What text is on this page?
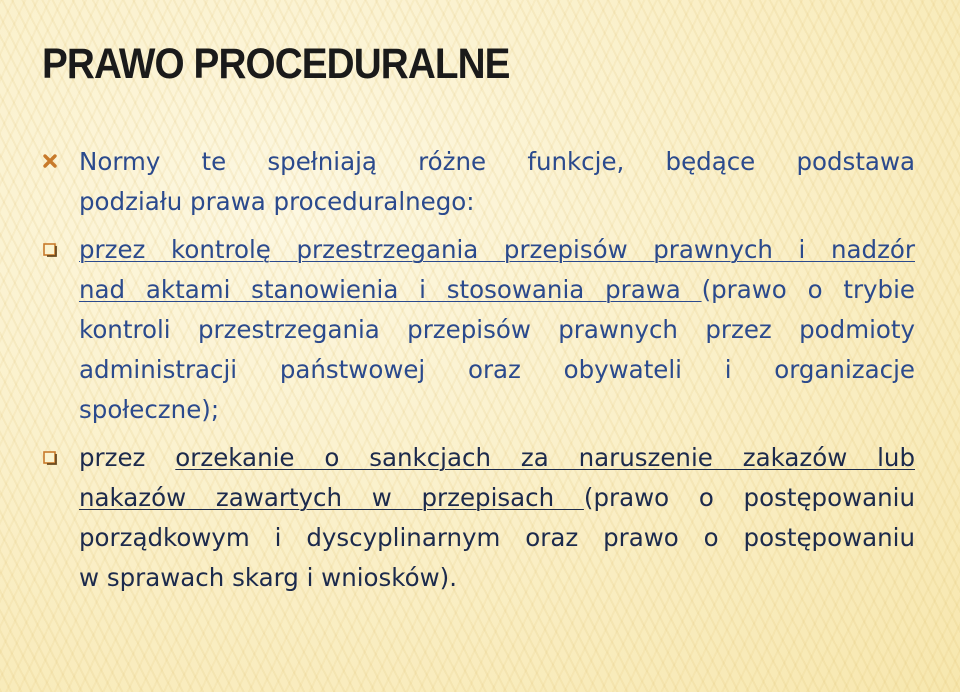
PRAWO PROCEDURALNE
Normy te spełniają różne funkcje, będące podstawa
podziału prawa proceduralnego:
przez kontrolę przestrzegania przepisów prawnych i nadzór
nad aktami stanowienia i stosowania prawa (prawo o trybie
kontroli przestrzegania przepisów prawnych przez podmioty
administracji państwowej oraz obywateli i organizacje
społeczne);
przez orzekanie o sankcjach za naruszenie zakazów lub
nakazów zawartych w przepisach (prawo o postępowaniu
porządkowym i dyscyplinarnym oraz prawo o postępowaniu
w sprawach skarg i wniosków).
